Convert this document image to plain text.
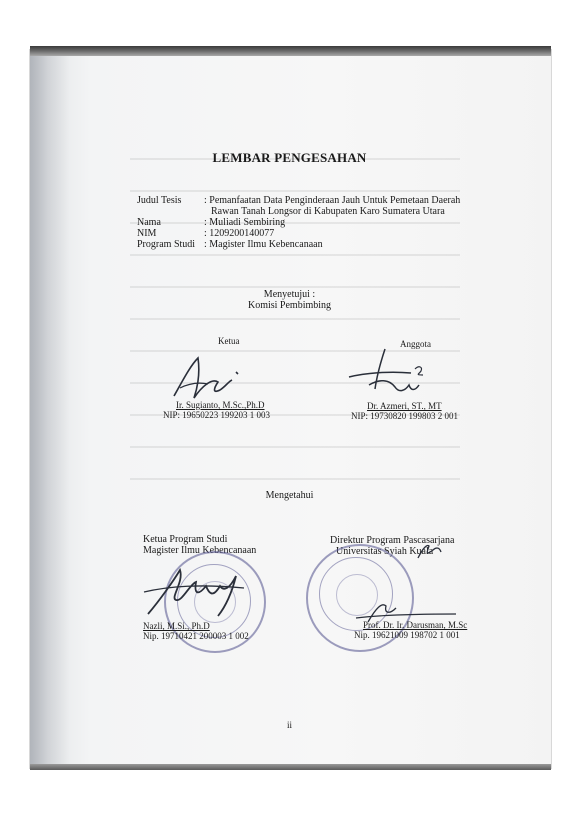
LEMBAR PENGESAHAN
Judul Tesis : Pemanfaatan Data Penginderaan Jauh Untuk Pemetaan Daerah
Rawan Tanah Longsor di Kabupaten Karo Sumatera Utara
Nama	: Muliadi Sembiring
NIM	: 1209200140077
Program Studi : Magister Ilmu Kebencanaan
Menyetujui :
Komisi Pembimbing
Ketua
Ir. Sugianto, M.Sc.,Ph.D
NIP: 19650223 199203 1 003
Anggota
Dr. Azmeri, ST., MT
NIP: 19730820 199803 2 001
Mengetahui
Ketua Program Studi
Magister Ilmu Kebencanaan
Nazli, M.Si., Ph.D
Nip. 19710421 200003 1 002
Direktur Program Pascasarjana
Universitas Syiah Kuala
Prof. Dr. Ir. Darusman, M.Sc
Nip. 19621009 198702 1 001
ii
